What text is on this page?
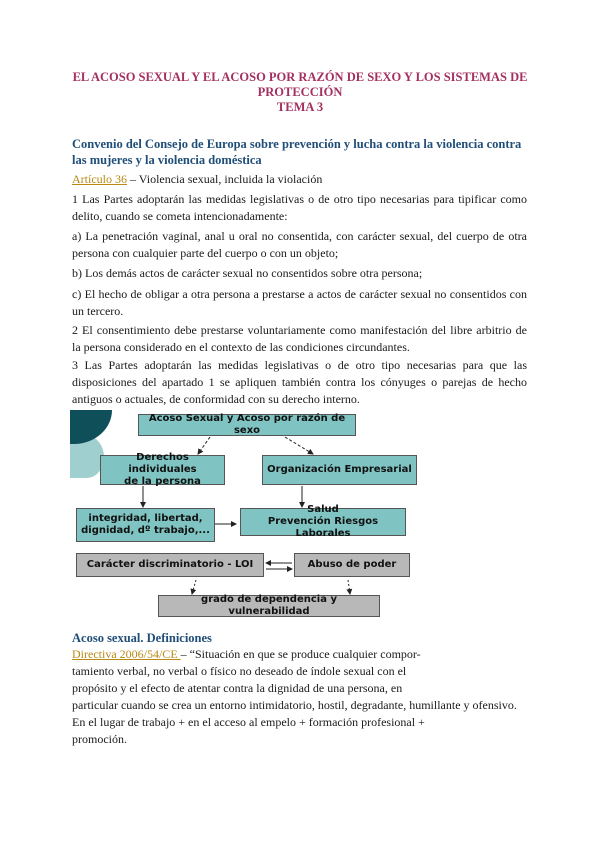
EL ACOSO SEXUAL Y EL ACOSO POR RAZÓN DE SEXO Y LOS SISTEMAS DE
PROTECCIÓN
TEMA 3
Convenio del Consejo de Europa sobre prevención y lucha contra la violencia contra las mujeres y la violencia doméstica
Artículo 36 – Violencia sexual, incluida la violación
1 Las Partes adoptarán las medidas legislativas o de otro tipo necesarias para tipificar como delito, cuando se cometa intencionadamente:
a) La penetración vaginal, anal u oral no consentida, con carácter sexual, del cuerpo de otra persona con cualquier parte del cuerpo o con un objeto;
b) Los demás actos de carácter sexual no consentidos sobre otra persona;
c) El hecho de obligar a otra persona a prestarse a actos de carácter sexual no consentidos con un tercero.
2 El consentimiento debe prestarse voluntariamente como manifestación del libre arbitrio de la persona considerado en el contexto de las condiciones circundantes.
3 Las Partes adoptarán las medidas legislativas o de otro tipo necesarias para que las disposiciones del apartado 1 se apliquen también contra los cónyuges o parejas de hecho antiguos o actuales, de conformidad con su derecho interno.
Acoso Sexual y Acoso por razón de sexo
Derechos individuales
de la persona
Organización Empresarial
integridad, libertad,
dignidad, dº trabajo,...
Salud
Prevención Riesgos Laborales
Carácter discriminatorio - LOI	Abuso de poder
grado de dependencia y vulnerabilidad
Acoso sexual. Definiciones
Directiva 2006/54/CE – “Situación en que se produce cualquier compor-
tamiento verbal, no verbal o físico no deseado de índole sexual con el
propósito y el efecto de atentar contra la dignidad de una persona, en
particular cuando se crea un entorno intimidatorio, hostil, degradante, humillante y ofensivo.
En el lugar de trabajo + en el acceso al empelo + formación profesional +
promoción.
